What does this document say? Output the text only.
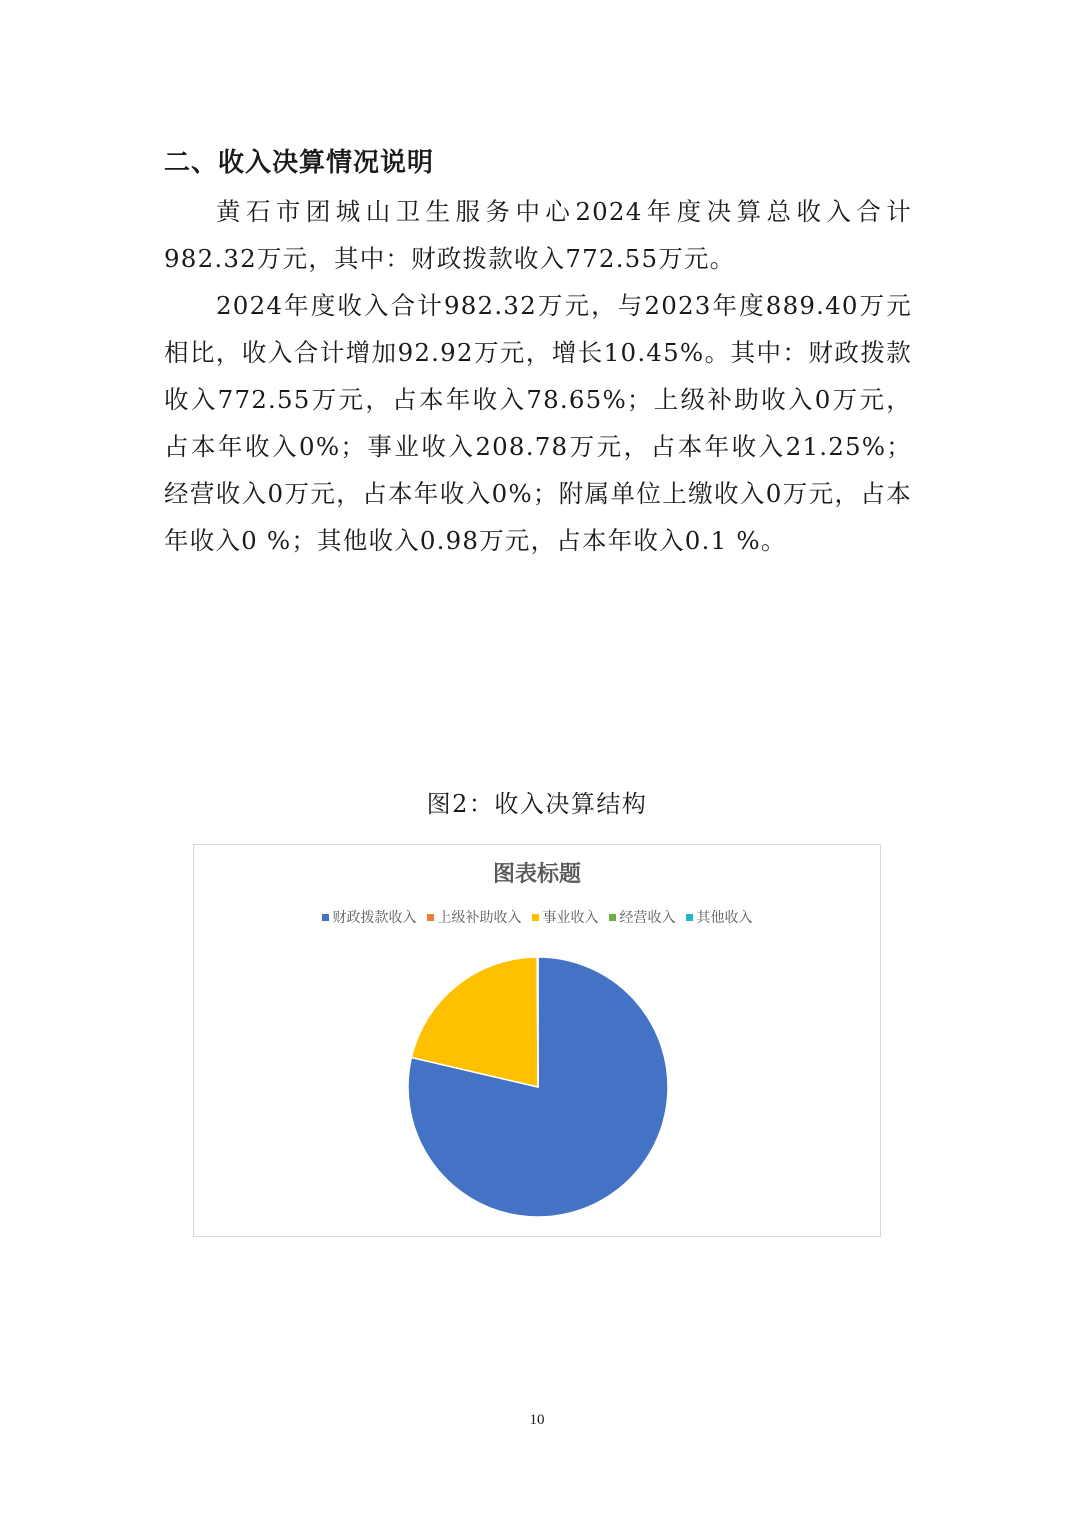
二、收入决算情况说明

黄石市团城山卫生服务中心2024年度决算总收入合计982.32万元，其中：财政拨款收入772.55万元。

2024年度收入合计982.32万元，与2023年度889.40万元相比，收入合计增加92.92万元，增长10.45%。其中：财政拨款收入772.55万元，占本年收入78.65%；上级补助收入0万元，占本年收入0%；事业收入208.78万元，占本年收入21.25%；经营收入0万元，占本年收入0%；附属单位上缴收入0万元，占本年收入0 %；其他收入0.98万元，占本年收入0.1 %。

图2：收入决算结构
图表标题
财政拨款收入 上级补助收入 事业收入 经营收入 其他收入
10
